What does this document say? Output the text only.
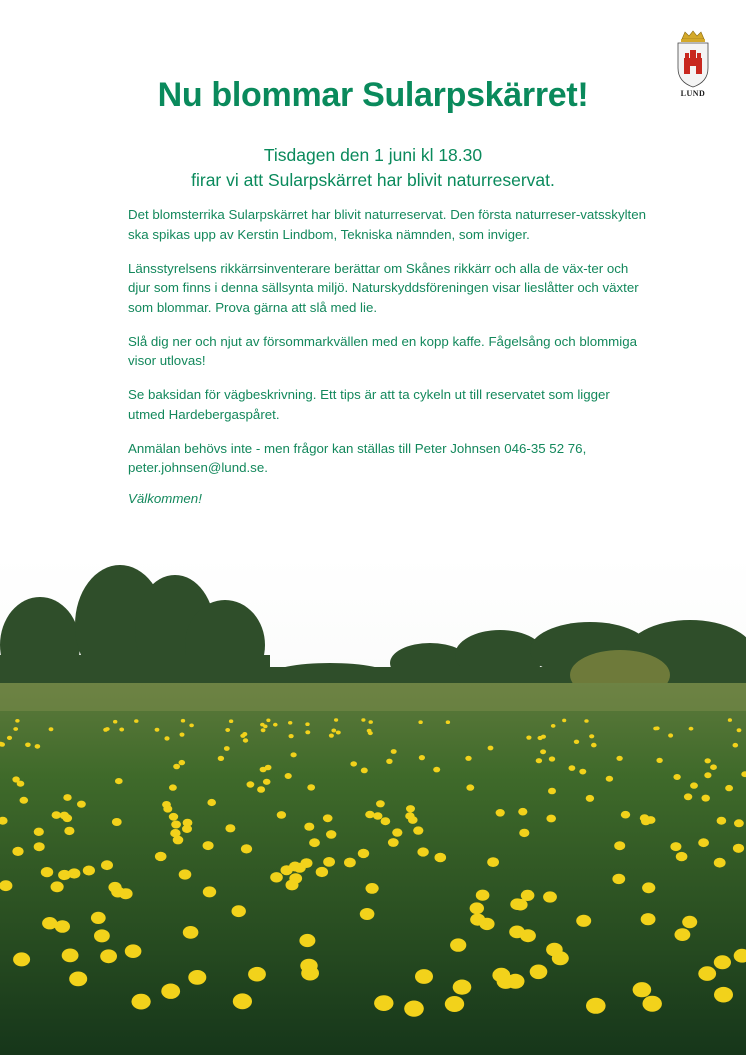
LUND
Nu blommar Sularpskärret!
Tisdagen den 1 juni kl 18.30
firar vi att Sularpskärret har blivit naturreservat.

Det blomsterrika Sularpskärret har blivit naturreservat. Den första naturreser-vatsskylten ska spikas upp av Kerstin Lindbom, Tekniska nämnden, som inviger.

Länsstyrelsens rikkärrsinventerare berättar om Skånes rikkärr och alla de väx-ter och djur som finns i denna sällsynta miljö. Naturskyddsföreningen visar lieslåtter och växter som blommar. Prova gärna att slå med lie.

Slå dig ner och njut av försommarkvällen med en kopp kaffe. Fågelsång och blommiga visor utlovas!

Se baksidan för vägbeskrivning. Ett tips är att ta cykeln ut till reservatet som ligger utmed Hardebergaspåret.

Anmälan behövs inte - men frågor kan ställas till Peter Johnsen 046-35 52 76, peter.johnsen@lund.se.

Välkommen!
